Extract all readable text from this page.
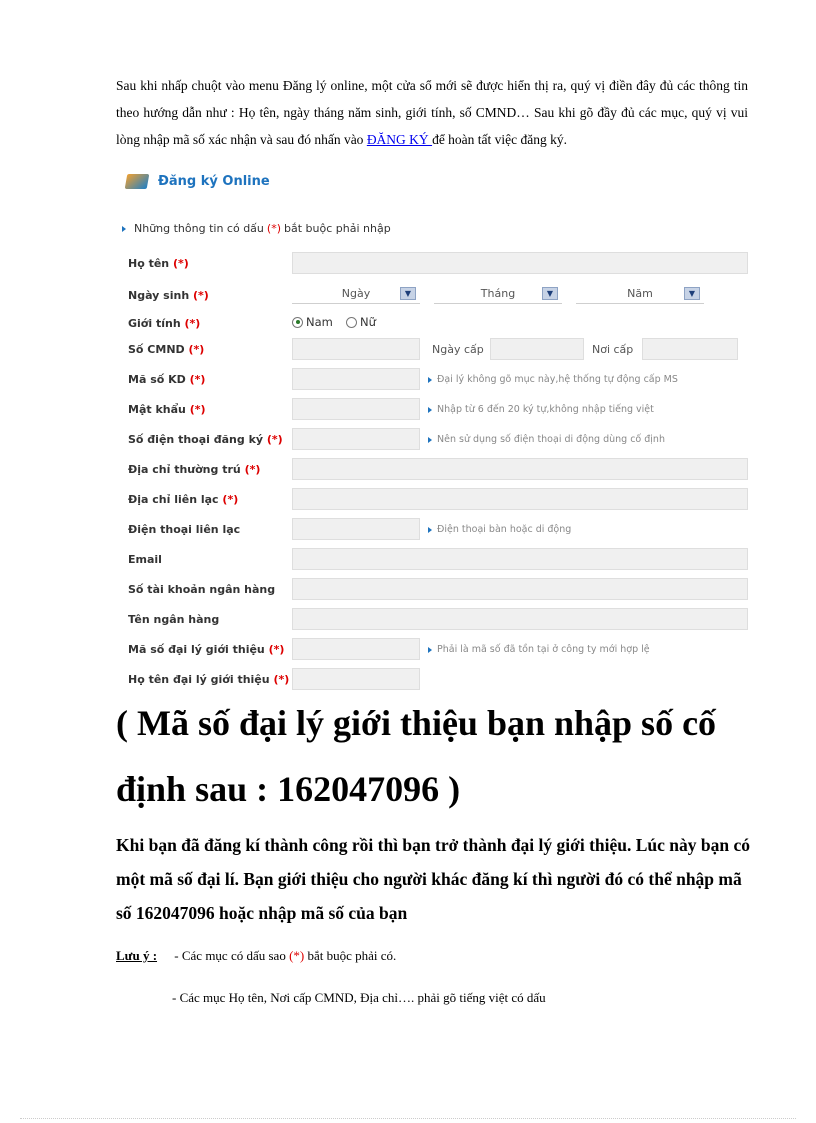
Sau khi nhấp chuột vào menu Đăng lý online, một cửa sổ mới sẽ được hiển thị ra, quý vị điền đây đủ các thông tin theo hướng dẫn như : Họ tên, ngày tháng năm sinh, giới tính, số CMND… Sau khi gõ đầy đủ các mục, quý vị vui lòng nhập mã số xác nhận và sau đó nhấn vào ĐĂNG KÝ để hoàn tất việc đăng ký.
Đăng ký Online
Những thông tin có dấu (*) bắt buộc phải nhập
Họ tên (*)
Ngày sinh (*)	Ngày	▼	Tháng	▼	Năm	▼
Giới tính (*)	Nam Nữ
Số CMND (*)	Ngày cấp	Nơi cấp
Mã số KD (*)	Đại lý không gõ mục này,hệ thống tự động cấp MS
Mật khẩu (*)	Nhập từ 6 đến 20 ký tự,không nhập tiếng việt
Số điện thoại đăng ký (*)	Nên sử dụng số điện thoại di động dùng cố định
Địa chỉ thường trú (*)
Địa chỉ liên lạc (*)
Điện thoại liên lạc	Điện thoại bàn hoặc di động
Email
Số tài khoản ngân hàng
Tên ngân hàng
Mã số đại lý giới thiệu (*)	Phải là mã số đã tồn tại ở công ty mới hợp lệ
Họ tên đại lý giới thiệu (*)
( Mã số đại lý giới thiệu bạn nhập số cố định sau : 162047096 )
Khi bạn đã đăng kí thành công rồi thì bạn trở thành đại lý giới thiệu. Lúc này bạn có một mã số đại lí. Bạn giới thiệu cho người khác đăng kí thì người đó có thể nhập mã số 162047096 hoặc nhập mã số của bạn
Lưu ý : - Các mục có dấu sao (*) bắt buộc phải có.
- Các mục Họ tên, Nơi cấp CMND, Địa chỉ…. phải gõ tiếng việt có dấu
